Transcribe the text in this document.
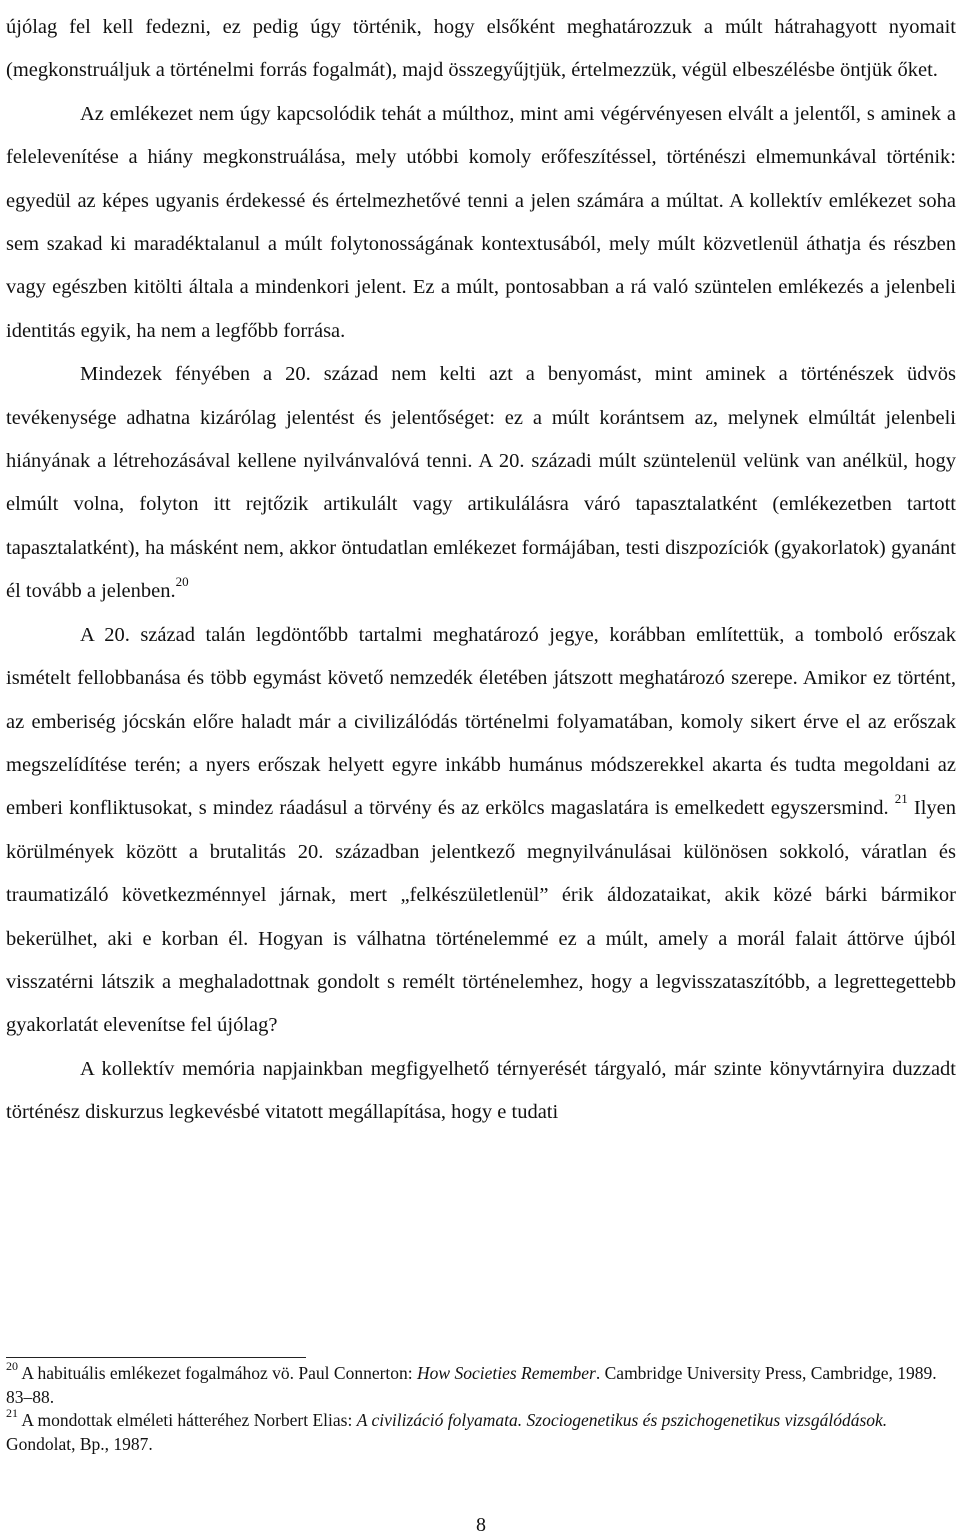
újólag fel kell fedezni, ez pedig úgy történik, hogy elsőként meghatározzuk a múlt hátrahagyott nyomait (megkonstruáljuk a történelmi forrás fogalmát), majd összegyűjtjük, értelmezzük, végül elbeszélésbe öntjük őket.

Az emlékezet nem úgy kapcsolódik tehát a múlthoz, mint ami végérvényesen elvált a jelentől, s aminek a felelevenítése a hiány megkonstruálása, mely utóbbi komoly erőfeszítéssel, történészi elmemunkával történik: egyedül az képes ugyanis érdekessé és értelmezhetővé tenni a jelen számára a múltat. A kollektív emlékezet soha sem szakad ki maradéktalanul a múlt folytonosságának kontextusából, mely múlt közvetlenül áthatja és részben vagy egészben kitölti általa a mindenkori jelent. Ez a múlt, pontosabban a rá való szüntelen emlékezés a jelenbeli identitás egyik, ha nem a legfőbb forrása.

Mindezek fényében a 20. század nem kelti azt a benyomást, mint aminek a történészek üdvös tevékenysége adhatna kizárólag jelentést és jelentőséget: ez a múlt korántsem az, melynek elmúltát jelenbeli hiányának a létrehozásával kellene nyilvánvalóvá tenni. A 20. századi múlt szüntelenül velünk van anélkül, hogy elmúlt volna, folyton itt rejtőzik artikulált vagy artikulálásra váró tapasztalatként (emlékezetben tartott tapasztalatként), ha másként nem, akkor öntudatlan emlékezet formájában, testi diszpozíciók (gyakorlatok) gyanánt él tovább a jelenben.$^{20}$

A 20. század talán legdöntőbb tartalmi meghatározó jegye, korábban említettük, a tomboló erőszak ismételt fellobbanása és több egymást követő nemzedék életében játszott meghatározó szerepe. Amikor ez történt, az emberiség jócskán előre haladt már a civilizálódás történelmi folyamatában, komoly sikert érve el az erőszak megszelídítése terén; a nyers erőszak helyett egyre inkább humánus módszerekkel akarta és tudta megoldani az emberi konfliktusokat, s mindez ráadásul a törvény és az erkölcs magaslatára is emelkedett egyszersmind. $^{21}$ Ilyen körülmények között a brutalitás 20. században jelentkező megnyilvánulásai különösen sokkoló, váratlan és traumatizáló következménnyel járnak, mert „felkészületlenül” érik áldozataikat, akik közé bárki bármikor bekerülhet, aki e korban él. Hogyan is válhatna történelemmé ez a múlt, amely a morál falait áttörve újból visszatérni látszik a meghaladottnak gondolt s remélt történelemhez, hogy a legvisszataszítóbb, a legrettegettebb gyakorlatát elevenítse fel újólag?

A kollektív memória napjainkban megfigyelhető térnyerését tárgyaló, már szinte könyvtárnyira duzzadt történész diskurzus legkevésbé vitatott megállapítása, hogy e tudati

$^{20}$ A habituális emlékezet fogalmához vö. Paul Connerton: How Societies Remember. Cambridge University Press, Cambridge, 1989. 83–88.

$^{21}$ A mondottak elméleti hátteréhez Norbert Elias: A civilizáció folyamata. Szociogenetikus és pszichogenetikus vizsgálódások. Gondolat, Bp., 1987.

8
